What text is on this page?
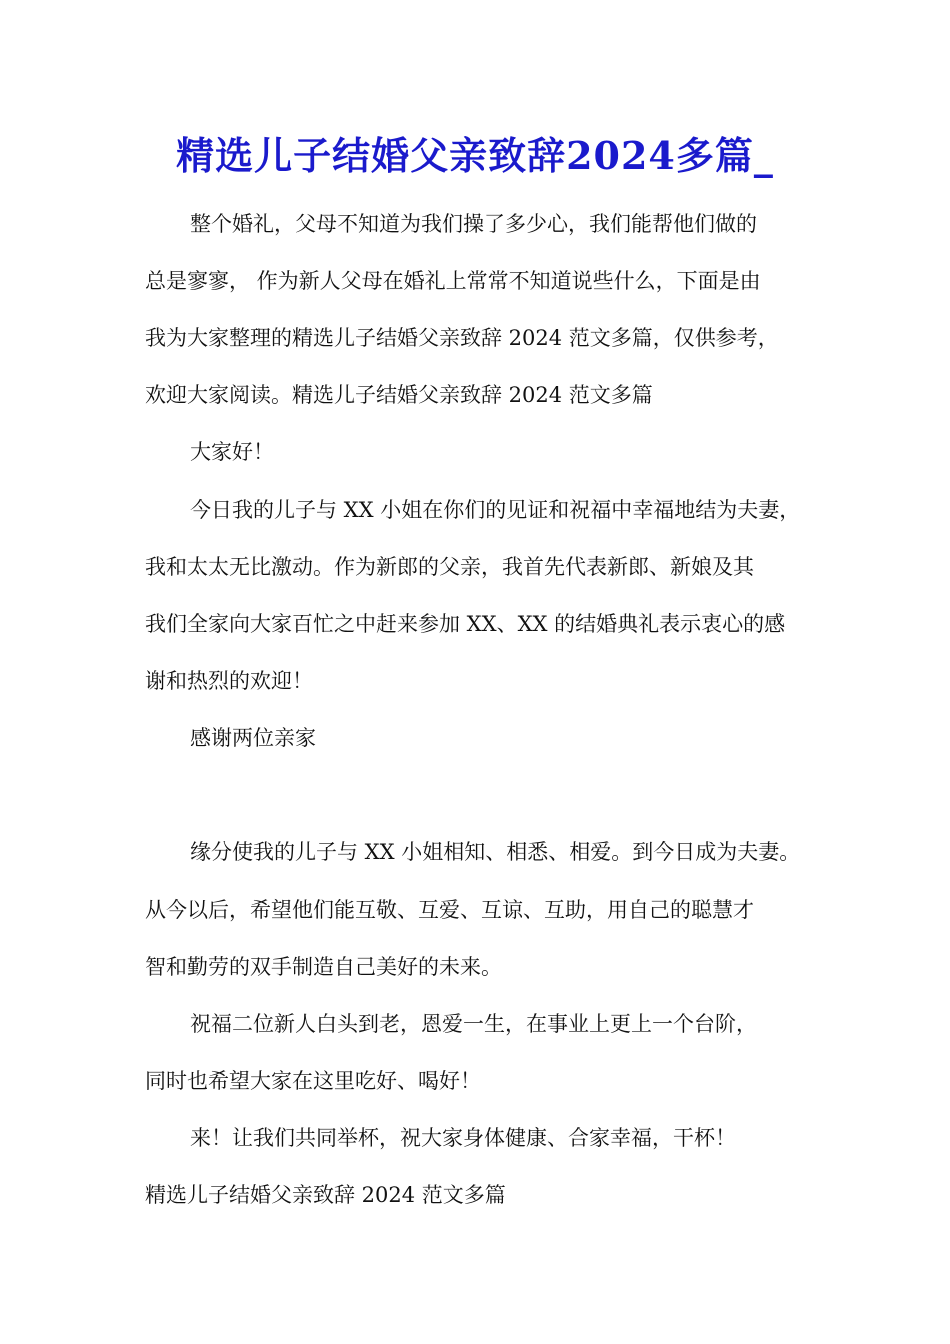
精选儿子结婚父亲致辞2024多篇_
整个婚礼，父母不知道为我们操了多少心，我们能帮他们做的
总是寥寥， 作为新人父母在婚礼上常常不知道说些什么，下面是由
我为大家整理的精选儿子结婚父亲致辞 2024 范文多篇，仅供参考，
欢迎大家阅读。精选儿子结婚父亲致辞 2024 范文多篇
大家好！
今日我的儿子与 XX 小姐在你们的见证和祝福中幸福地结为夫妻，
我和太太无比激动。作为新郎的父亲，我首先代表新郎、新娘及其
我们全家向大家百忙之中赶来参加 XX、XX 的结婚典礼表示衷心的感
谢和热烈的欢迎！
感谢两位亲家
缘分使我的儿子与 XX 小姐相知、相悉、相爱。到今日成为夫妻。
从今以后，希望他们能互敬、互爱、互谅、互助，用自己的聪慧才
智和勤劳的双手制造自己美好的未来。
祝福二位新人白头到老，恩爱一生，在事业上更上一个台阶，
同时也希望大家在这里吃好、喝好！
来！让我们共同举杯，祝大家身体健康、合家幸福，干杯！
精选儿子结婚父亲致辞 2024 范文多篇
